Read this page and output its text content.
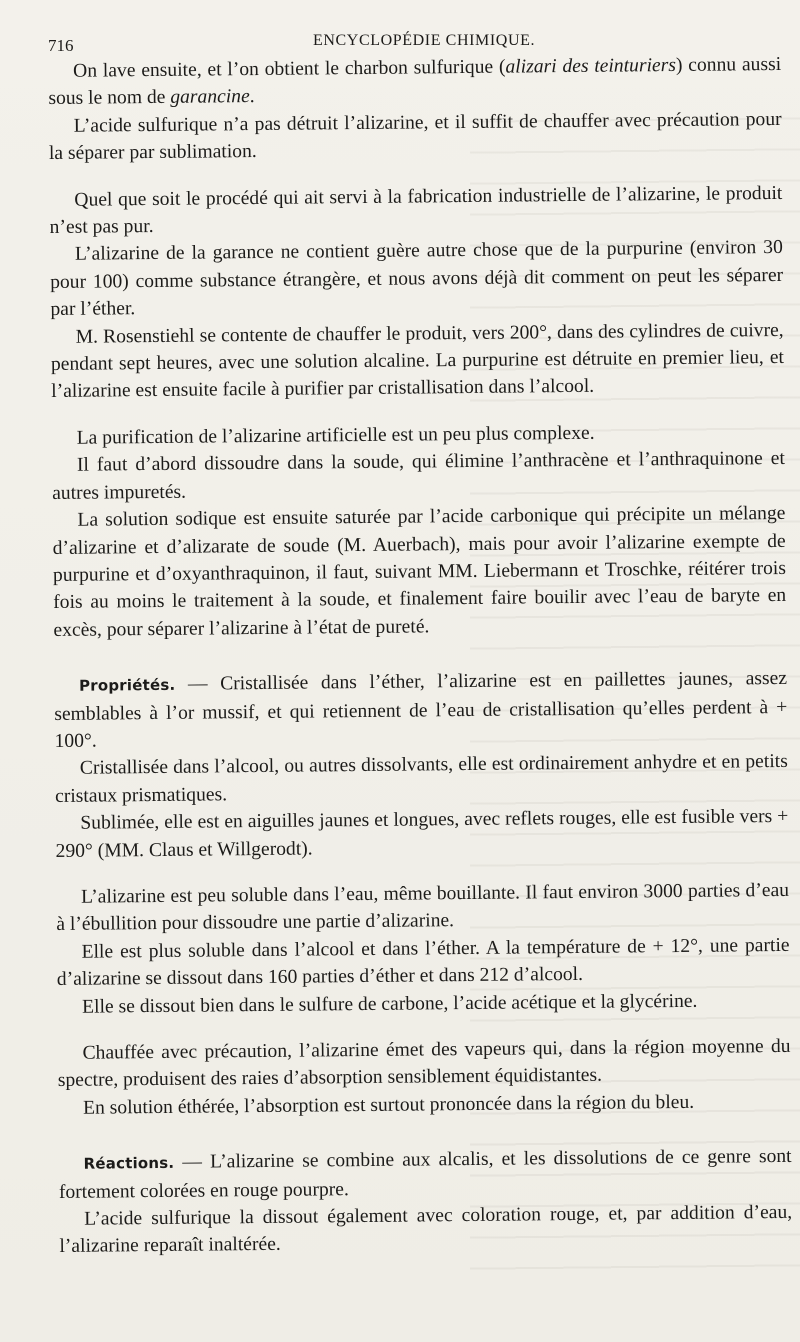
716	ENCYCLOPÉDIE CHIMIQUE.

On lave ensuite, et l’on obtient le charbon sulfurique (alizari des teinturiers) connu aussi sous le nom de garancine.

L’acide sulfurique n’a pas détruit l’alizarine, et il suffit de chauffer avec précaution pour la séparer par sublimation.

Quel que soit le procédé qui ait servi à la fabrication industrielle de l’alizarine, le produit n’est pas pur.

L’alizarine de la garance ne contient guère autre chose que de la purpurine (environ 30 pour 100) comme substance étrangère, et nous avons déjà dit comment on peut les séparer par l’éther.

M. Rosenstiehl se contente de chauffer le produit, vers 200°, dans des cylindres de cuivre, pendant sept heures, avec une solution alcaline. La purpurine est détruite en premier lieu, et l’alizarine est ensuite facile à purifier par cristallisation dans l’alcool.

La purification de l’alizarine artificielle est un peu plus complexe.

Il faut d’abord dissoudre dans la soude, qui élimine l’anthracène et l’anthraquinone et autres impuretés.

La solution sodique est ensuite saturée par l’acide carbonique qui précipite un mélange d’alizarine et d’alizarate de soude (M. Auerbach), mais pour avoir l’alizarine exempte de purpurine et d’oxyanthraquinon, il faut, suivant MM. Liebermann et Troschke, réitérer trois fois au moins le traitement à la soude, et finalement faire bouilir avec l’eau de baryte en excès, pour séparer l’alizarine à l’état de pureté.

Propriétés. — Cristallisée dans l’éther, l’alizarine est en paillettes jaunes, assez semblables à l’or mussif, et qui retiennent de l’eau de cristallisation qu’elles perdent à + 100°.

Cristallisée dans l’alcool, ou autres dissolvants, elle est ordinairement anhydre et en petits cristaux prismatiques.

Sublimée, elle est en aiguilles jaunes et longues, avec reflets rouges, elle est fusible vers + 290° (MM. Claus et Willgerodt).

L’alizarine est peu soluble dans l’eau, même bouillante. Il faut environ 3000 parties d’eau à l’ébullition pour dissoudre une partie d’alizarine.

Elle est plus soluble dans l’alcool et dans l’éther. A la température de + 12°, une partie d’alizarine se dissout dans 160 parties d’éther et dans 212 d’alcool.

Elle se dissout bien dans le sulfure de carbone, l’acide acétique et la glycérine.

Chauffée avec précaution, l’alizarine émet des vapeurs qui, dans la région moyenne du spectre, produisent des raies d’absorption sensiblement équidistantes.

En solution éthérée, l’absorption est surtout prononcée dans la région du bleu.

Réactions. — L’alizarine se combine aux alcalis, et les dissolutions de ce genre sont fortement colorées en rouge pourpre.

L’acide sulfurique la dissout également avec coloration rouge, et, par addition d’eau, l’alizarine reparaît inaltérée.
